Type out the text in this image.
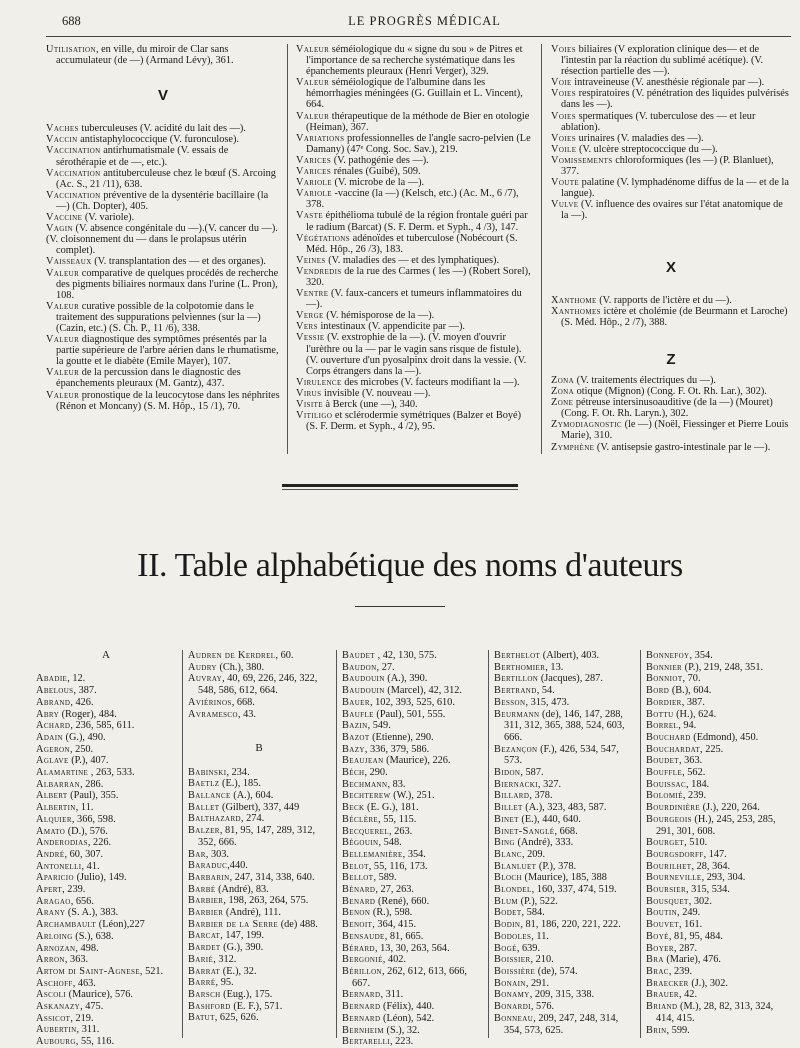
688	LE PROGRÈS MÉDICAL

Utilisation, en ville, du miroir de Clar sans accumulateur (de —) (Armand Lévy), 361.

V

Vaches tuberculeuses (V. acidité du lait des —).

Vaccin antistaphylococcique (V. furonculose).

Vaccination antirhumatismale (V. essais de sérothérapie et de —, etc.).

Vaccination antituberculeuse chez le bœuf (S. Arcoing (Ac. S., 21 /11), 638.

Vaccination préventive de la dysentérie bacillaire (la —) (Ch. Dopter), 405.

Vaccine (V. variole).

Vagin (V. absence congénitale du —).(V. cancer du —).

(V. cloisonnement du — dans le prolapsus utérin complet).

Vaisseaux (V. transplantation des — et des organes).

Valeur comparative de quelques procédés de recherche des pigments biliaires normaux dans l'urine (L. Pron), 108.

Valeur curative possible de la colpotomie dans le traitement des suppurations pelviennes (sur la —) (Cazin, etc.) (S. Ch. P., 11 /6), 338.

Valeur diagnostique des symptômes présentés par la partie supérieure de l'arbre aérien dans le rhumatisme, la goutte et le diabète (Emile Mayer), 107.

Valeur de la percussion dans le diagnostic des épanchements pleuraux (M. Gantz), 437.

Valeur pronostique de la leucocytose dans les néphrites (Rénon et Moncany) (S. M. Hôp., 15 /1), 70.

Valeur séméiologique du « signe du sou » de Pitres et l'importance de sa recherche systématique dans les épanchements pleuraux (Henri Verger), 329.

Valeur séméiologique de l'albumine dans les hémorrhagies méningées (G. Guillain et L. Vincent), 664.

Valeur thérapeutique de la méthode de Bier en otologie (Heiman), 367.

Variations professionnelles de l'angle sacro-pelvien (Le Damany) (47ᵉ Cong. Soc. Sav.), 219.

Varices (V. pathogénie des —).

Varices rénales (Guibé), 509.

Variole (V. microbe de la —).

Variole -vaccine (la —) (Kelsch, etc.) (Ac. M., 6 /7), 378.

Vaste épithélioma tubulé de la région frontale guéri par le radium (Barcat) (S. F. Derm. et Syph., 4 /3), 147.

Végétations adénoïdes et tuberculose (Nobécourt (S. Méd. Hôp., 26 /3), 183.

Veines (V. maladies des — et des lymphatiques).

Vendredis de la rue des Carmes ( les —) (Robert Sorel), 320.

Ventre (V. faux-cancers et tumeurs inflammatoires du —).

Verge (V. hémisporose de la —).

Vers intestinaux (V. appendicite par —).

Vessie (V. exstrophie de la —). (V. moyen d'ouvrir l'urèthre ou la — par le vagin sans risque de fistule). (V. ouverture d'un pyosalpinx droit dans la vessie. (V. Corps étrangers dans la —).

Virulence des microbes (V. facteurs modifiant la —).

Virus invisible (V. nouveau —).

Visite à Berck (une —), 340.

Vitiligo et sclérodermie symétriques (Balzer et Boyé) (S. F. Derm. et Syph., 4 /2), 95.

Voies biliaires (V exploration clinique des— et de l'intestin par la réaction du sublimé acétique). (V. résection partielle des —).

Voie intraveineuse (V. anesthésie régionale par —).

Voies respiratoires (V. pénétration des liquides pulvérisés dans les —).

Voies spermatiques (V. tuberculose des — et leur ablation).

Voies urinaires (V. maladies des —).

Voile (V. ulcère streptococcique du —).

Vomissements chloroformiques (les —) (P. Blanluet), 377.

Voute palatine (V. lymphadénome diffus de la — et de la langue).

Vulve (V. influence des ovaires sur l'état anatomique de la —).

X

Xanthome (V. rapports de l'ictère et du —).

Xanthomes ictère et cholémie (de Beurmann et Laroche) (S. Méd. Hôp., 2 /7), 388.

Z

Zona (V. traitements électriques du —).

Zona otique (Mignon) (Cong. F. Ot. Rh. Lar.), 302).

Zone pétreuse intersinusoauditive (de la —) (Mouret) (Cong. F. Ot. Rh. Laryn.), 302.

Zymodiagnostic (le —) (Noël, Fiessinger et Pierre Louis Marie), 310.

Zymphène (V. antisepsie gastro-intestinale par le —).

II. Table alphabétique des noms d'auteurs

A

Abadie, 12.

Abelous, 387.

Abrand, 426.

Abry (Roger), 484.

Achard, 236, 585, 611.

Adain (G.), 490.

Ageron, 250.

Aglave (P.), 407.

Alamartine , 263, 533.

Albarran, 286.

Albert (Paul), 355.

Albertin, 11.

Alquier, 366, 598.

Amato (D.), 576.

Anderodias, 226.

André, 60, 307.

Antonelli, 41.

Aparicio (Julio), 149.

Apert, 239.

Aragao, 656.

Arany (S. A.), 383.

Archambault (Léon),227

Arloing (S.), 638.

Arnozan, 498.

Arron, 363.

Artom di Saint-Agnese, 521.

Aschoff, 463.

Ascoli (Maurice), 576.

Askanazy, 475.

Assicot, 219.

Aubertin, 311.

Aubourg, 55, 116.

Audren de Kerdrel, 60.

Audry (Ch.), 380.

Auvray, 40, 69, 226, 246, 322, 548, 586, 612, 664.

Aviérinos, 668.

Avramesco, 43.

B

Babinski, 234.

Baetlz (E.), 185.

Ballance (A.), 604.

Ballet (Gilbert), 337, 449

Balthazard, 274.

Balzer, 81, 95, 147, 289, 312, 352, 666.

Bar, 303.

Baraduc,440.

Barbarin, 247, 314, 338, 640.

Barbé (André), 83.

Barbier, 198, 263, 264, 575.

Barbier (André), 111.

Barbier de la Serre (de) 488.

Barcat, 147, 199.

Bardet (G.), 390.

Barié, 312.

Barrat (E.), 32.

Barré, 95.

Barsch (Eug.), 175.

Bashford (E. F.), 571.

Batut, 625, 626.

Baudet , 42, 130, 575.

Baudon, 27.

Baudouin (A.), 390.

Baudouin (Marcel), 42, 312.

Bauer, 102, 393, 525, 610.

Baufle (Paul), 501, 555.

Bazin, 549.

Bazot (Etienne), 290.

Bazy, 336, 379, 586.

Beaujean (Maurice), 226.

Béch, 290.

Bechmann, 83.

Bechterew (W.), 251.

Beck (E. G.), 181.

Béclère, 55, 115.

Becquerel, 263.

Bégouin, 548.

Bellemanière, 354.

Belot, 55, 116, 173.

Bellot, 589.

Bénard, 27, 263.

Benard (René), 660.

Benon (R.), 598.

Benoit, 364, 415.

Bensaude, 81, 665.

Bérard, 13, 30, 263, 564.

Bergonié, 402.

Bérillon, 262, 612, 613, 666, 667.

Bernard, 311.

Bernard (Félix), 440.

Bernard (Léon), 542.

Bernheim (S.), 32.

Bertarelli, 223.

Berthelot (Albert), 403.

Berthomier, 13.

Bertillon (Jacques), 287.

Bertrand, 54.

Besson, 315, 473.

Beurmann (de), 146, 147, 288, 311, 312, 365, 388, 524, 603, 666.

Bezançon (F.), 426, 534, 547, 573.

Bidon, 587.

Biernacki, 327.

Billard, 378.

Billet (A.), 323, 483, 587.

Binet (E.), 440, 640.

Binet-Sanglé, 668.

Bing (André), 333.

Blanc, 209.

Blanluet (P.), 378.

Bloch (Maurice), 185, 388

Blondel, 160, 337, 474, 519.

Blum (P.), 522.

Bodet, 584.

Bodin, 81, 186, 220, 221, 222.

Bodoles, 11.

Bogé, 639.

Boissier, 210.

Boissière (de), 574.

Bonain, 291.

Bonamy, 209, 315, 338.

Bonardi, 576.

Bonneau, 209, 247, 248, 314, 354, 573, 625.

Bonnefoy, 354.

Bonnier (P.), 219, 248, 351.

Bonniot, 70.

Bord (B.), 604.

Bordier, 387.

Bottu (H.), 624.

Borrel, 94.

Bouchard (Edmond), 450.

Bouchardat, 225.

Boudet, 363.

Bouffle, 562.

Bouissac, 184.

Bolomié, 239.

Bourdinière (J.), 220, 264.

Bourgeois (H.), 245, 253, 285, 291, 301, 608.

Bourget, 510.

Bourgsdorff, 147.

Bourilhet, 28, 364.

Bourneville, 293, 304.

Boursier, 315, 534.

Bousquet, 302.

Boutin, 249.

Bouvet, 161.

Boyé, 81, 95, 484.

Boyer, 287.

Bra (Marie), 476.

Brac, 239.

Braecker (J.), 302.

Brauer, 42.

Briand (M.), 28, 82, 313, 324, 414, 415.

Brin, 599.
